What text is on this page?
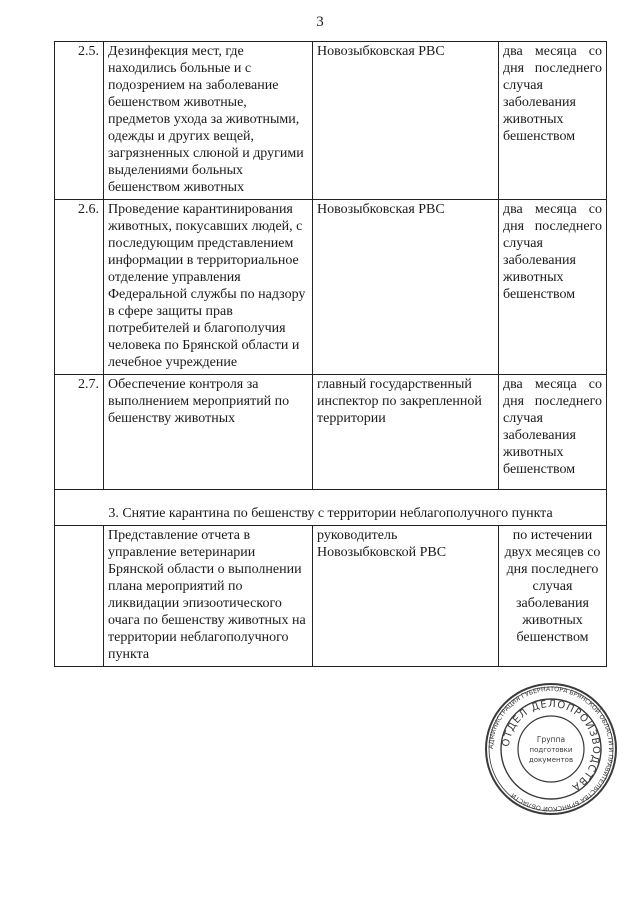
3
2.5.	Дезинфекция мест, где находились больные и с подозрением на заболевание бешенством животные, предметов ухода за животными, одежды и других вещей, загрязненных слюной и другими выделениями больных бешенством животных	Новозыбковская РВС	два месяца со дня последнего случая заболевания животных бешенством
2.6.	Проведение карантинирования животных, покусавших людей, с последующим представлением информации в территориальное отделение управления Федеральной службы по надзору в сфере защиты прав потребителей и благополучия человека по Брянской области и лечебное учреждение	Новозыбковская РВС	два месяца со дня последнего случая заболевания животных бешенством
2.7.	Обеспечение контроля за выполнением мероприятий по бешенству животных	главный государственный инспектор по закрепленной территории	два месяца со дня последнего случая заболевания животных бешенством

3. Снятие карантина по бешенству с территории неблагополучного пункта			
	Представление отчета в управление ветеринарии Брянской области о выполнении плана мероприятий по ликвидации эпизоотического очага по бешенству животных на территории неблагополучного пункта	руководитель Новозыбковской РВС	по истечении двух месяцев со дня последнего случая заболевания животных бешенством
АДМИНИСТРАЦИЯ ГУБЕРНАТОРА БРЯНСКОЙ ОБЛАСТИ И ПРАВИТЕЛЬСТВА БРЯНСКОЙ ОБЛАСТИ
ОТДЕЛ ДЕЛОПРОИЗВОДСТВА
Группа
подготовки
документов
